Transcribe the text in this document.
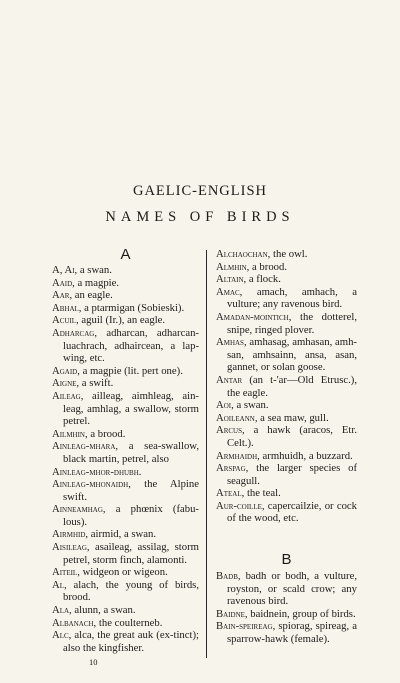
GAELIC-ENGLISH
NAMES OF BIRDS
A
A, Ai, a swan.
Aaid, a magpie.
Aar, an eagle.
Abhal, a ptarmigan (Sobieski).
Acuil, aguil (Ir.), an eagle.
Adharcag, adharcan, adharcan-luachrach, adhaircean, a lap-wing, etc.
Agaid, a magpie (lit. pert one).
Aigne, a swift.
Aileag, ailleag, aimhleag, ain-leag, amhlag, a swallow, storm petrel.
Ailmhin, a brood.
Ainleag-mhara, a sea-swallow, black martin, petrel, also
Ainleag-mhor-dhubh.
Ainleag-mhonaidh, the Alpine swift.
Ainneamhag, a phœnix (fabu-lous).
Airmhid, airmid, a swan.
Aisileag, asaileag, assilag, storm petrel, storm finch, alamonti.
Aiteil, widgeon or wigeon.
Al, alach, the young of birds, brood.
Ala, alunn, a swan.
Albanach, the coulterneb.
Alc, alca, the great auk (ex-tinct); also the kingfisher.
Alchaochan, the owl.
Almhin, a brood.
Altain, a flock.
Amac, amach, amhach, a vulture; any ravenous bird.
Amadan-mointich, the dotterel, snipe, ringed plover.
Amhas, amhasag, amhasan, amh-san, amhsainn, ansa, asan, gannet, or solan goose.
Antar (an t-'ar—Old Etrusc.), the eagle.
Aoi, a swan.
Aoileann, a sea maw, gull.
Arcus, a hawk (aracos, Etr. Celt.).
Armhaidh, armhuidh, a buzzard.
Arspag, the larger species of seagull.
Ateal, the teal.
Aur-coille, capercailzie, or cock of the wood, etc.
B
Badb, badh or bodh, a vulture, royston, or scald crow; any ravenous bird.
Baidne, baidnein, group of birds.
Bain-speireag, spiorag, spireag, a sparrow-hawk (female).
10
